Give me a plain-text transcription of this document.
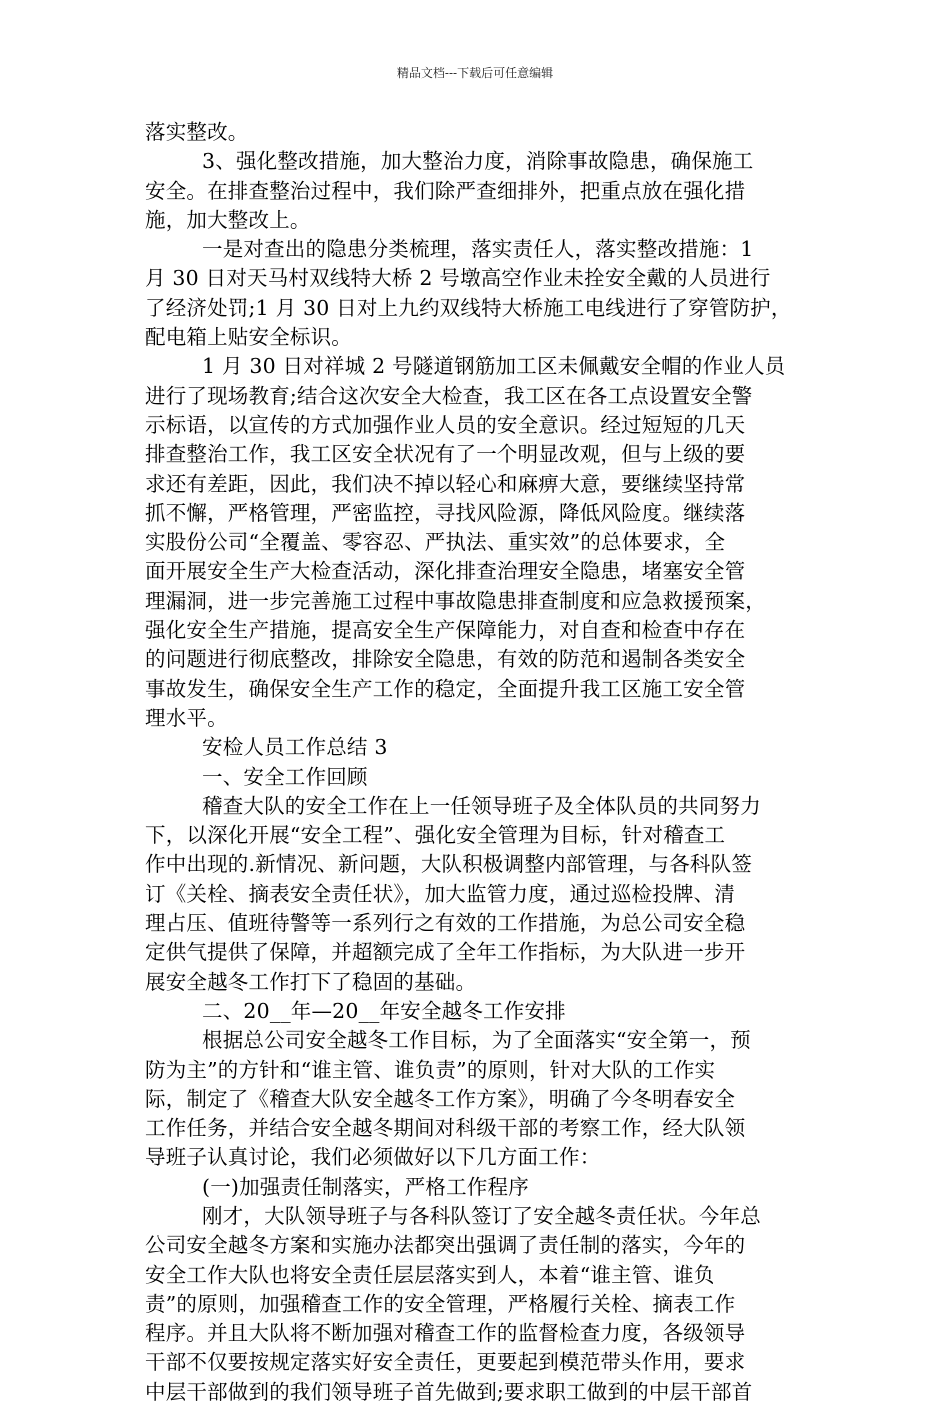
精品文档---下载后可任意编辑
落实整改。
3、强化整改措施，加大整治力度，消除事故隐患，确保施工
安全。在排查整治过程中，我们除严查细排外，把重点放在强化措
施，加大整改上。
一是对查出的隐患分类梳理，落实责任人，落实整改措施：1
月 30 日对天马村双线特大桥 2 号墩高空作业未拴安全戴的人员进行
了经济处罚;1 月 30 日对上九约双线特大桥施工电线进行了穿管防护，
配电箱上贴安全标识。
1 月 30 日对祥城 2 号隧道钢筋加工区未佩戴安全帽的作业人员
进行了现场教育;结合这次安全大检查，我工区在各工点设置安全警
示标语，以宣传的方式加强作业人员的安全意识。经过短短的几天
排查整治工作，我工区安全状况有了一个明显改观，但与上级的要
求还有差距，因此，我们决不掉以轻心和麻痹大意，要继续坚持常
抓不懈，严格管理，严密监控，寻找风险源，降低风险度。继续落
实股份公司“全覆盖、零容忍、严执法、重实效”的总体要求，全
面开展安全生产大检查活动，深化排查治理安全隐患，堵塞安全管
理漏洞，进一步完善施工过程中事故隐患排查制度和应急救援预案，
强化安全生产措施，提高安全生产保障能力，对自查和检查中存在
的问题进行彻底整改，排除安全隐患，有效的防范和遏制各类安全
事故发生，确保安全生产工作的稳定，全面提升我工区施工安全管
理水平。
安检人员工作总结 3
一、安全工作回顾
稽查大队的安全工作在上一任领导班子及全体队员的共同努力
下，以深化开展“安全工程”、强化安全管理为目标，针对稽查工
作中出现的.新情况、新问题，大队积极调整内部管理，与各科队签
订《关栓、摘表安全责任状》，加大监管力度，通过巡检投牌、清
理占压、值班待警等一系列行之有效的工作措施，为总公司安全稳
定供气提供了保障，并超额完成了全年工作指标，为大队进一步开
展安全越冬工作打下了稳固的基础。
二、20__年—20__年安全越冬工作安排
根据总公司安全越冬工作目标，为了全面落实“安全第一，预
防为主”的方针和“谁主管、谁负责”的原则，针对大队的工作实
际，制定了《稽查大队安全越冬工作方案》，明确了今冬明春安全
工作任务，并结合安全越冬期间对科级干部的考察工作，经大队领
导班子认真讨论，我们必须做好以下几方面工作：
(一)加强责任制落实，严格工作程序
刚才，大队领导班子与各科队签订了安全越冬责任状。今年总
公司安全越冬方案和实施办法都突出强调了责任制的落实，今年的
安全工作大队也将安全责任层层落实到人，本着“谁主管、谁负
责”的原则，加强稽查工作的安全管理，严格履行关栓、摘表工作
程序。并且大队将不断加强对稽查工作的监督检查力度，各级领导
干部不仅要按规定落实好安全责任，更要起到模范带头作用，要求
中层干部做到的我们领导班子首先做到;要求职工做到的中层干部首
